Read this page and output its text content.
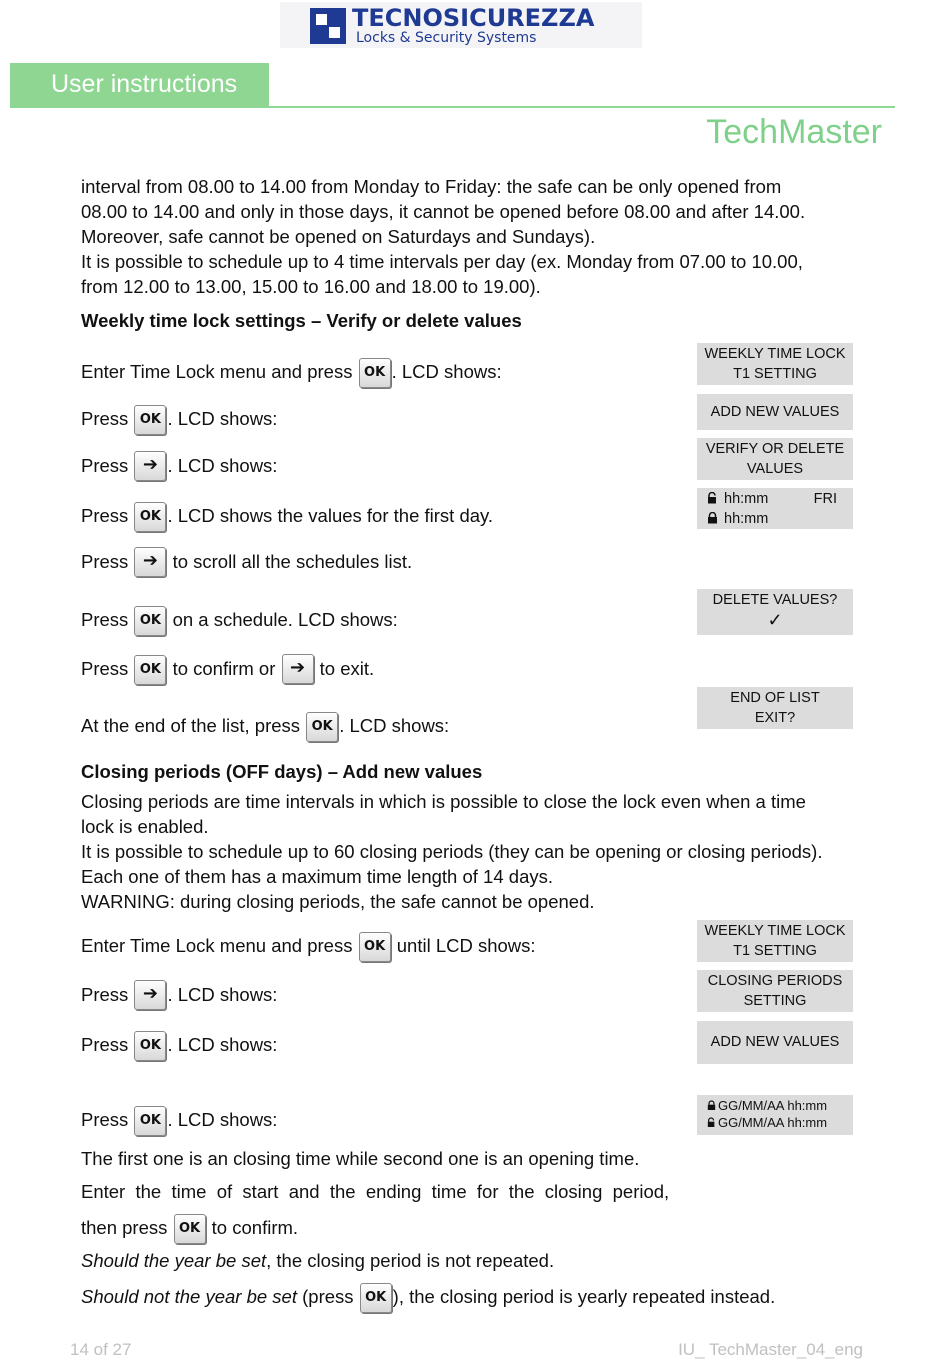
TECNOSICUREZZA
Locks & Security Systems
User instructions
TechMaster
interval from 08.00 to 14.00 from Monday to Friday: the safe can be only opened from
08.00 to 14.00 and only in those days, it cannot be opened before 08.00 and after 14.00.
Moreover, safe cannot be opened on Saturdays and Sundays).
It is possible to schedule up to 4 time intervals per day (ex. Monday from 07.00 to 10.00,
from 12.00 to 13.00, 15.00 to 16.00 and 18.00 to 19.00).
Weekly time lock settings – Verify or delete values
Enter Time Lock menu and press OK . LCD shows:
Press OK . LCD shows:
Press ➔ . LCD shows:
Press OK . LCD shows the values for the first day.
Press ➔ to scroll all the schedules list.
Press OK on a schedule. LCD shows:
Press OK to confirm or ➔ to exit.
At the end of the list, press OK . LCD shows:
WEEKLY TIME LOCK
T1 SETTING
ADD NEW VALUES
VERIFY OR DELETE
VALUES
hh:mm	FRI
hh:mm
DELETE VALUES?
✓
END OF LIST
EXIT?
Closing periods (OFF days) – Add new values
Closing periods are time intervals in which is possible to close the lock even when a time
lock is enabled.
It is possible to schedule up to 60 closing periods (they can be opening or closing periods).
Each one of them has a maximum time length of 14 days.
WARNING: during closing periods, the safe cannot be opened.
Enter Time Lock menu and press OK until LCD shows:
Press ➔ . LCD shows:
Press OK . LCD shows:
Press OK . LCD shows:
The first one is an closing time while second one is an opening time.
Enter  the  time  of  start  and  the  ending  time  for  the  closing  period,
then press OK to confirm.
Should the year be set, the closing period is not repeated.
Should not the year be set (press OK ), the closing period is yearly repeated instead.
WEEKLY TIME LOCK
T1 SETTING
CLOSING PERIODS
SETTING
ADD NEW VALUES
GG/MM/AA hh:mm
GG/MM/AA hh:mm
14 of 27	IU_ TechMaster_04_eng
